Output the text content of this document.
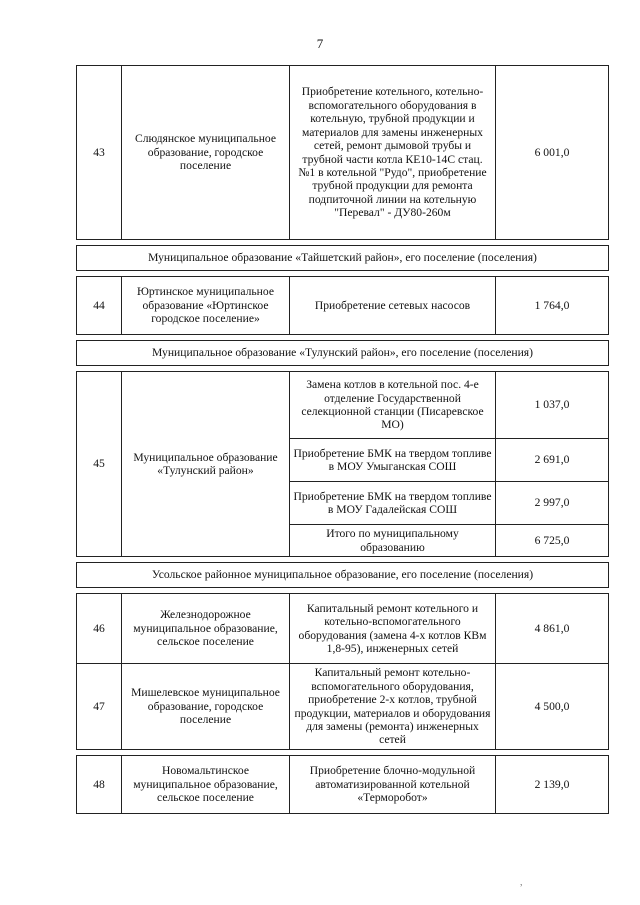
7
43	Слюдянское муниципальное образование, городское поселение	Приобретение котельного, котельно-вспомогательного оборудования в котельную, трубной продукции и материалов для замены инженерных сетей, ремонт дымовой трубы и трубной части котла КЕ10-14С стац. №1 в котельной "Рудо", приобретение трубной продукции для ремонта подпиточной линии на котельную "Перевал" - ДУ80-260м	6 001,0

Муниципальное образование «Тайшетский район», его поселение (поселения)			

44	Юртинское муниципальное образование «Юртинское городское поселение»	Приобретение сетевых насосов	1 764,0

Муниципальное образование «Тулунский район», его поселение (поселения)			

45	Муниципальное образование «Тулунский район»	Замена котлов в котельной пос. 4-е отделение Государственной селекционной станции (Писаревское МО)	1 037,0
		Приобретение БМК на твердом топливе в МОУ Умыганская СОШ	2 691,0
		Приобретение БМК на твердом топливе в МОУ Гадалейская СОШ	2 997,0
		Итого по муниципальному образованию	6 725,0

Усольское районное муниципальное образование, его поселение (поселения)			

46	Железнодорожное муниципальное образование, сельское поселение	Капитальный ремонт котельного и котельно-вспомогательного оборудования (замена 4-х котлов КВм 1,8-95), инженерных сетей	4 861,0
47	Мишелевское муниципальное образование, городское поселение	Капитальный ремонт котельно-вспомогательного оборудования, приобретение 2-х котлов, трубной продукции, материалов и оборудования для замены (ремонта) инженерных сетей	4 500,0

48	Новомальтинское муниципальное образование, сельское поселение	Приобретение блочно-модульной автоматизированной котельной «Терморобот»	2 139,0
,
